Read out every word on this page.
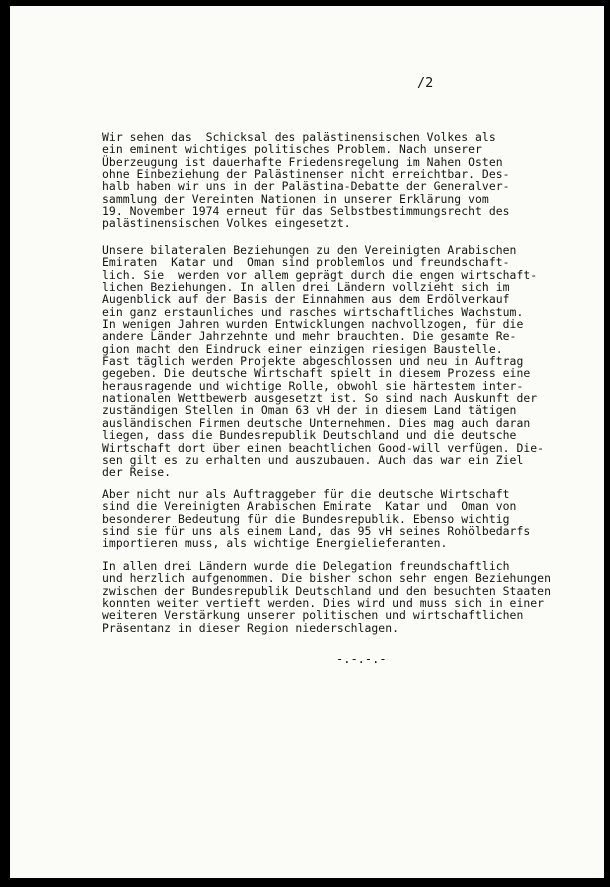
/2

Wir sehen das  Schicksal des palästinensischen Volkes als
ein eminent wichtiges politisches Problem. Nach unserer
Überzeugung ist dauerhafte Friedensregelung im Nahen Osten
ohne Einbeziehung der Palästinenser nicht erreichtbar. Des-
halb haben wir uns in der Palästina-Debatte der Generalver-
sammlung der Vereinten Nationen in unserer Erklärung vom
19. November 1974 erneut für das Selbstbestimmungsrecht des
palästinensischen Volkes eingesetzt.

Unsere bilateralen Beziehungen zu den Vereinigten Arabischen
Emiraten  Katar und  Oman sind problemlos und freundschaft-
lich. Sie  werden vor allem geprägt durch die engen wirtschaft-
lichen Beziehungen. In allen drei Ländern vollzieht sich im
Augenblick auf der Basis der Einnahmen aus dem Erdölverkauf
ein ganz erstaunliches und rasches wirtschaftliches Wachstum.
In wenigen Jahren wurden Entwicklungen nachvollzogen, für die
andere Länder Jahrzehnte und mehr brauchten. Die gesamte Re-
gion macht den Eindruck einer einzigen riesigen Baustelle.
Fast täglich werden Projekte abgeschlossen und neu in Auftrag
gegeben. Die deutsche Wirtschaft spielt in diesem Prozess eine
herausragende und wichtige Rolle, obwohl sie härtestem inter-
nationalen Wettbewerb ausgesetzt ist. So sind nach Auskunft der
zuständigen Stellen in Oman 63 vH der in diesem Land tätigen
ausländischen Firmen deutsche Unternehmen. Dies mag auch daran
liegen, dass die Bundesrepublik Deutschland und die deutsche
Wirtschaft dort über einen beachtlichen Good-will verfügen. Die-
sen gilt es zu erhalten und auszubauen. Auch das war ein Ziel
der Reise.

Aber nicht nur als Auftraggeber für die deutsche Wirtschaft
sind die Vereinigten Arabischen Emirate  Katar und  Oman von
besonderer Bedeutung für die Bundesrepublik. Ebenso wichtig
sind sie für uns als einem Land, das 95 vH seines Rohölbedarfs
importieren muss, als wichtige Energielieferanten.

In allen drei Ländern wurde die Delegation freundschaftlich
und herzlich aufgenommen. Die bisher schon sehr engen Beziehungen
zwischen der Bundesrepublik Deutschland und den besuchten Staaten
konnten weiter vertieft werden. Dies wird und muss sich in einer
weiteren Verstärkung unserer politischen und wirtschaftlichen
Präsentanz in dieser Region niederschlagen.

-.-.-.-
